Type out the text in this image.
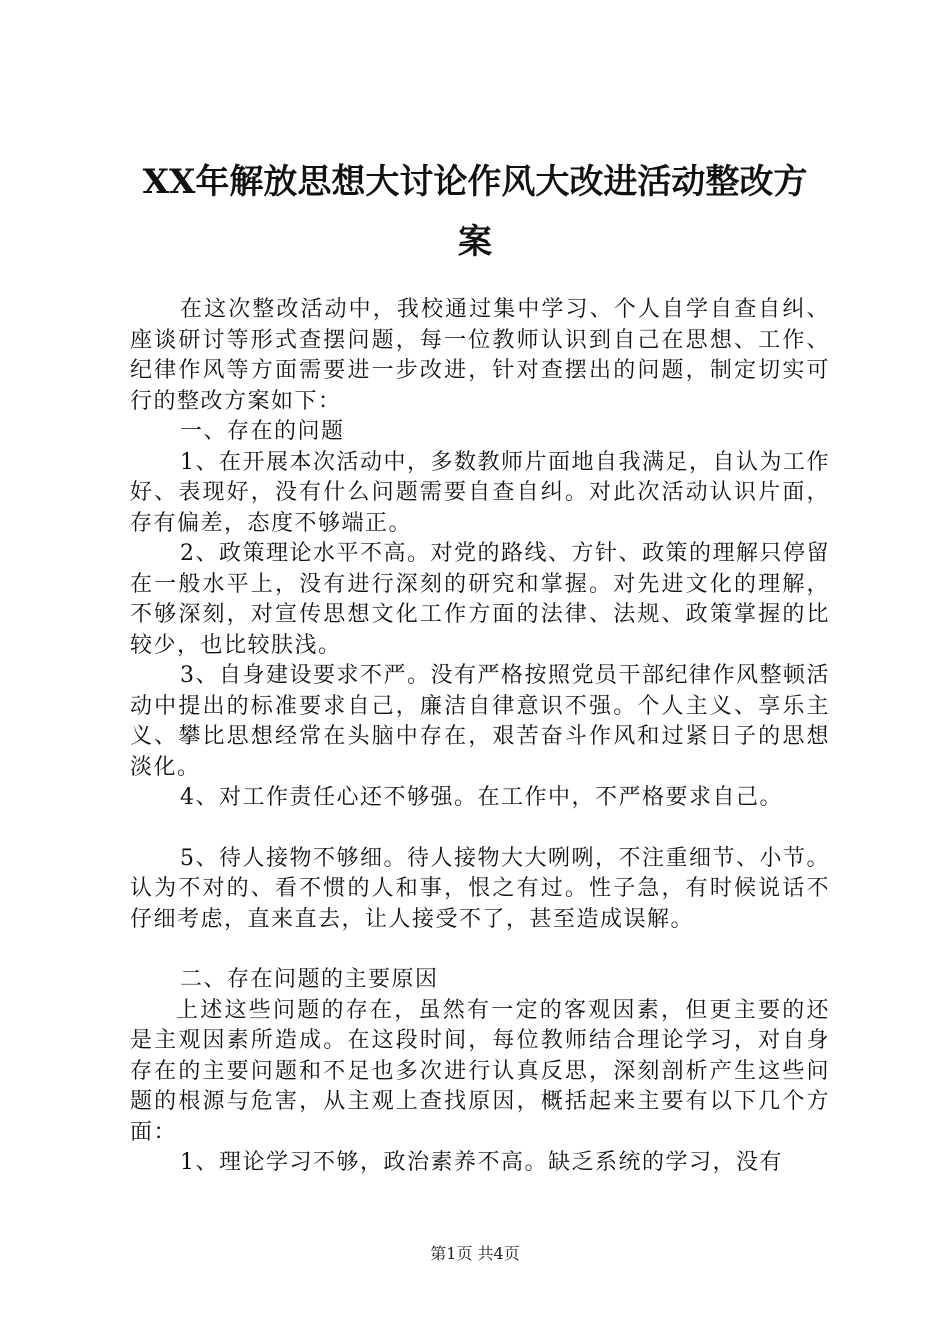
XX年解放思想大讨论作风大改进活动整改方
案

在这次整改活动中，我校通过集中学习、个人自学自查自纠、座谈研讨等形式查摆问题，每一位教师认识到自己在思想、工作、纪律作风等方面需要进一步改进，针对查摆出的问题，制定切实可行的整改方案如下：

一、存在的问题

1、在开展本次活动中，多数教师片面地自我满足，自认为工作好、表现好，没有什么问题需要自查自纠。对此次活动认识片面，存有偏差，态度不够端正。

2、政策理论水平不高。对党的路线、方针、政策的理解只停留在一般水平上，没有进行深刻的研究和掌握。对先进文化的理解，不够深刻，对宣传思想文化工作方面的法律、法规、政策掌握的比较少，也比较肤浅。

3、自身建设要求不严。没有严格按照党员干部纪律作风整顿活动中提出的标准要求自己，廉洁自律意识不强。个人主义、享乐主义、攀比思想经常在头脑中存在，艰苦奋斗作风和过紧日子的思想淡化。

4、对工作责任心还不够强。在工作中，不严格要求自己。

5、待人接物不够细。待人接物大大咧咧，不注重细节、小节。认为不对的、看不惯的人和事，恨之有过。性子急，有时候说话不仔细考虑，直来直去，让人接受不了，甚至造成误解。

二、存在问题的主要原因

上述这些问题的存在，虽然有一定的客观因素，但更主要的还是主观因素所造成。在这段时间，每位教师结合理论学习，对自身存在的主要问题和不足也多次进行认真反思，深刻剖析产生这些问题的根源与危害，从主观上查找原因，概括起来主要有以下几个方面：

1、理论学习不够，政治素养不高。缺乏系统的学习，没有

第1页 共4页
